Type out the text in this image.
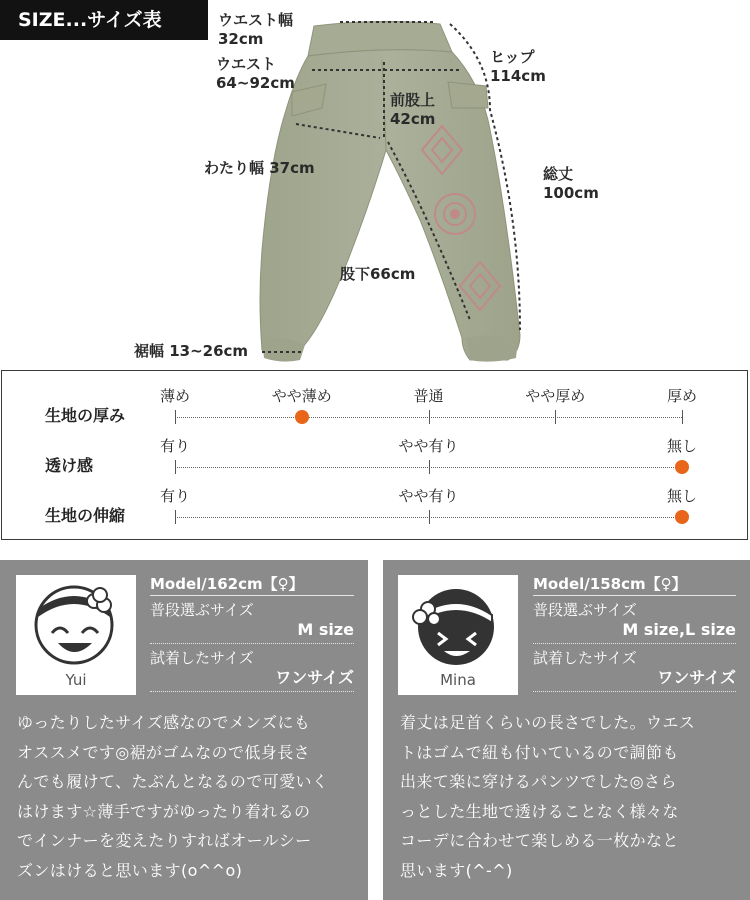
SIZE...サイズ表	ウエスト幅
32cm
ウエスト
64~92cm
ヒップ
114cm
前股上
42cm
わたり幅 37cm	総丈
100cm
股下66cm
裾幅 13~26cm
生地の厚み
薄め	やや薄め	普通	やや厚め	厚め
透け感
有り	やや有り	無し
生地の伸縮
有り	やや有り	無し
Yui
Model/162cm【♀】
普段選ぶサイズ
M size
試着したサイズ
ワンサイズ
ゆったりしたサイズ感なのでメンズにも
オススメです◎裾がゴムなので低身長さ
んでも履けて、たぶんとなるので可愛いく
はけます☆薄手ですがゆったり着れるの
でインナーを変えたりすればオールシー
ズンはけると思います(o^^o)
Mina
Model/158cm【♀】
普段選ぶサイズ
M size,L size
試着したサイズ
ワンサイズ
着丈は足首くらいの長さでした。ウエス
トはゴムで紐も付いているので調節も
出来て楽に穿けるパンツでした◎さら
っとした生地で透けることなく様々な
コーデに合わせて楽しめる一枚かなと
思います(^-^)
